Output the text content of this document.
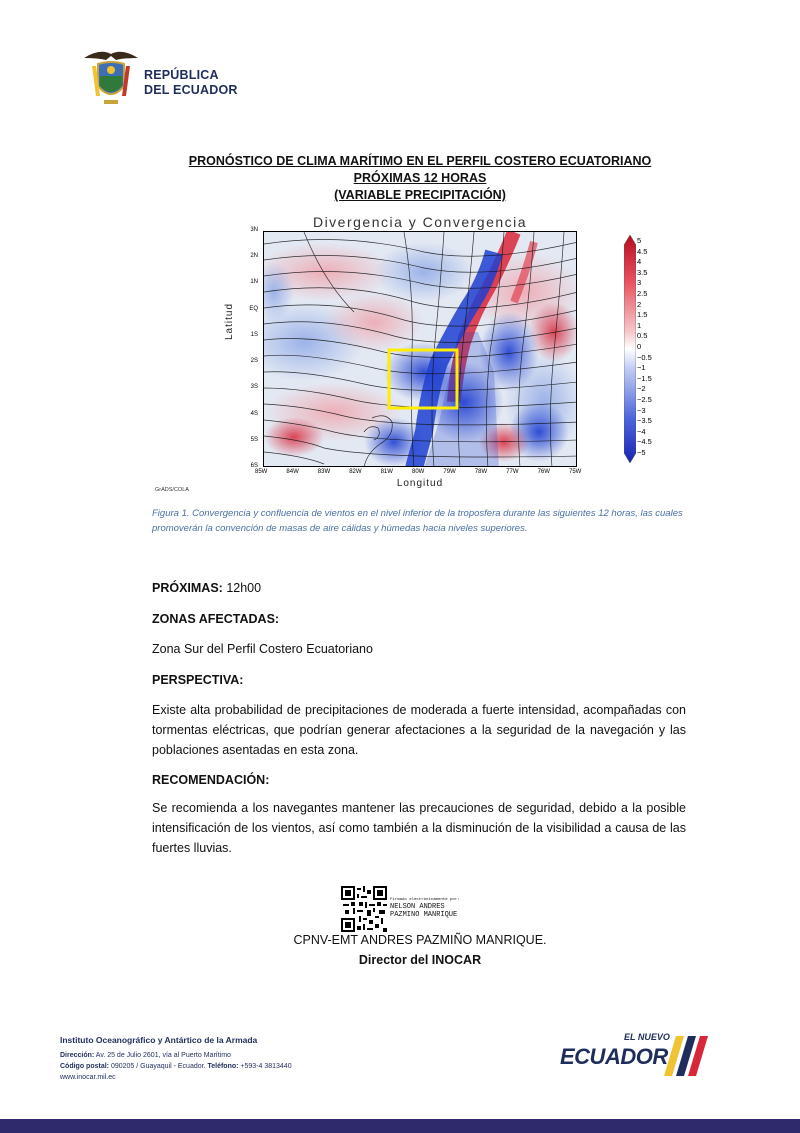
REPÚBLICA
DEL ECUADOR
PRONÓSTICO DE CLIMA MARÍTIMO EN EL PERFIL COSTERO ECUATORIANO
PRÓXIMAS 12 HORAS
(VARIABLE PRECIPITACIÓN)
Divergencia y Convergencia
Latitud
3N
2N
1N
EQ
1S
2S
3S
4S
5S
6S
85W	84W	83W	82W	81W	80W	79W	78W	77W	76W	75W
Longitud
GrADS/COLA
5
4.5
4
3.5
3
2.5
2
1.5
1
0.5
0
−0.5
−1
−1.5
−2
−2.5
−3
−3.5
−4
−4.5
−5
Figura 1. Convergencia y confluencia de vientos en el nivel inferior de la troposfera durante las siguientes 12 horas, las cuales promoverán la convención de masas de aire cálidas y húmedas hacia niveles superiores.
PRÓXIMAS: 12h00
ZONAS AFECTADAS:
Zona Sur del Perfil Costero Ecuatoriano
PERSPECTIVA:
Existe alta probabilidad de precipitaciones de moderada a fuerte intensidad, acompañadas con tormentas eléctricas, que podrían generar afectaciones a la seguridad de la navegación y las poblaciones asentadas en esta zona.
RECOMENDACIÓN:
Se recomienda a los navegantes mantener las precauciones de seguridad, debido a la posible intensificación de los vientos, así como también a la disminución de la visibilidad a causa de las fuertes lluvias.
Firmado electrónicamente por:
NELSON ANDRES
PAZMINO MANRIQUE
CPNV-EMT ANDRES PAZMIÑO MANRIQUE.
Director del INOCAR
Instituto Oceanográfico y Antártico de la Armada
Dirección: Av. 25 de Julio 2601, vía al Puerto Marítimo
Código postal: 090205 / Guayaquil - Ecuador. Teléfono: +593-4 3813440
www.inocar.mil.ec
EL NUEVO
ECUADOR
